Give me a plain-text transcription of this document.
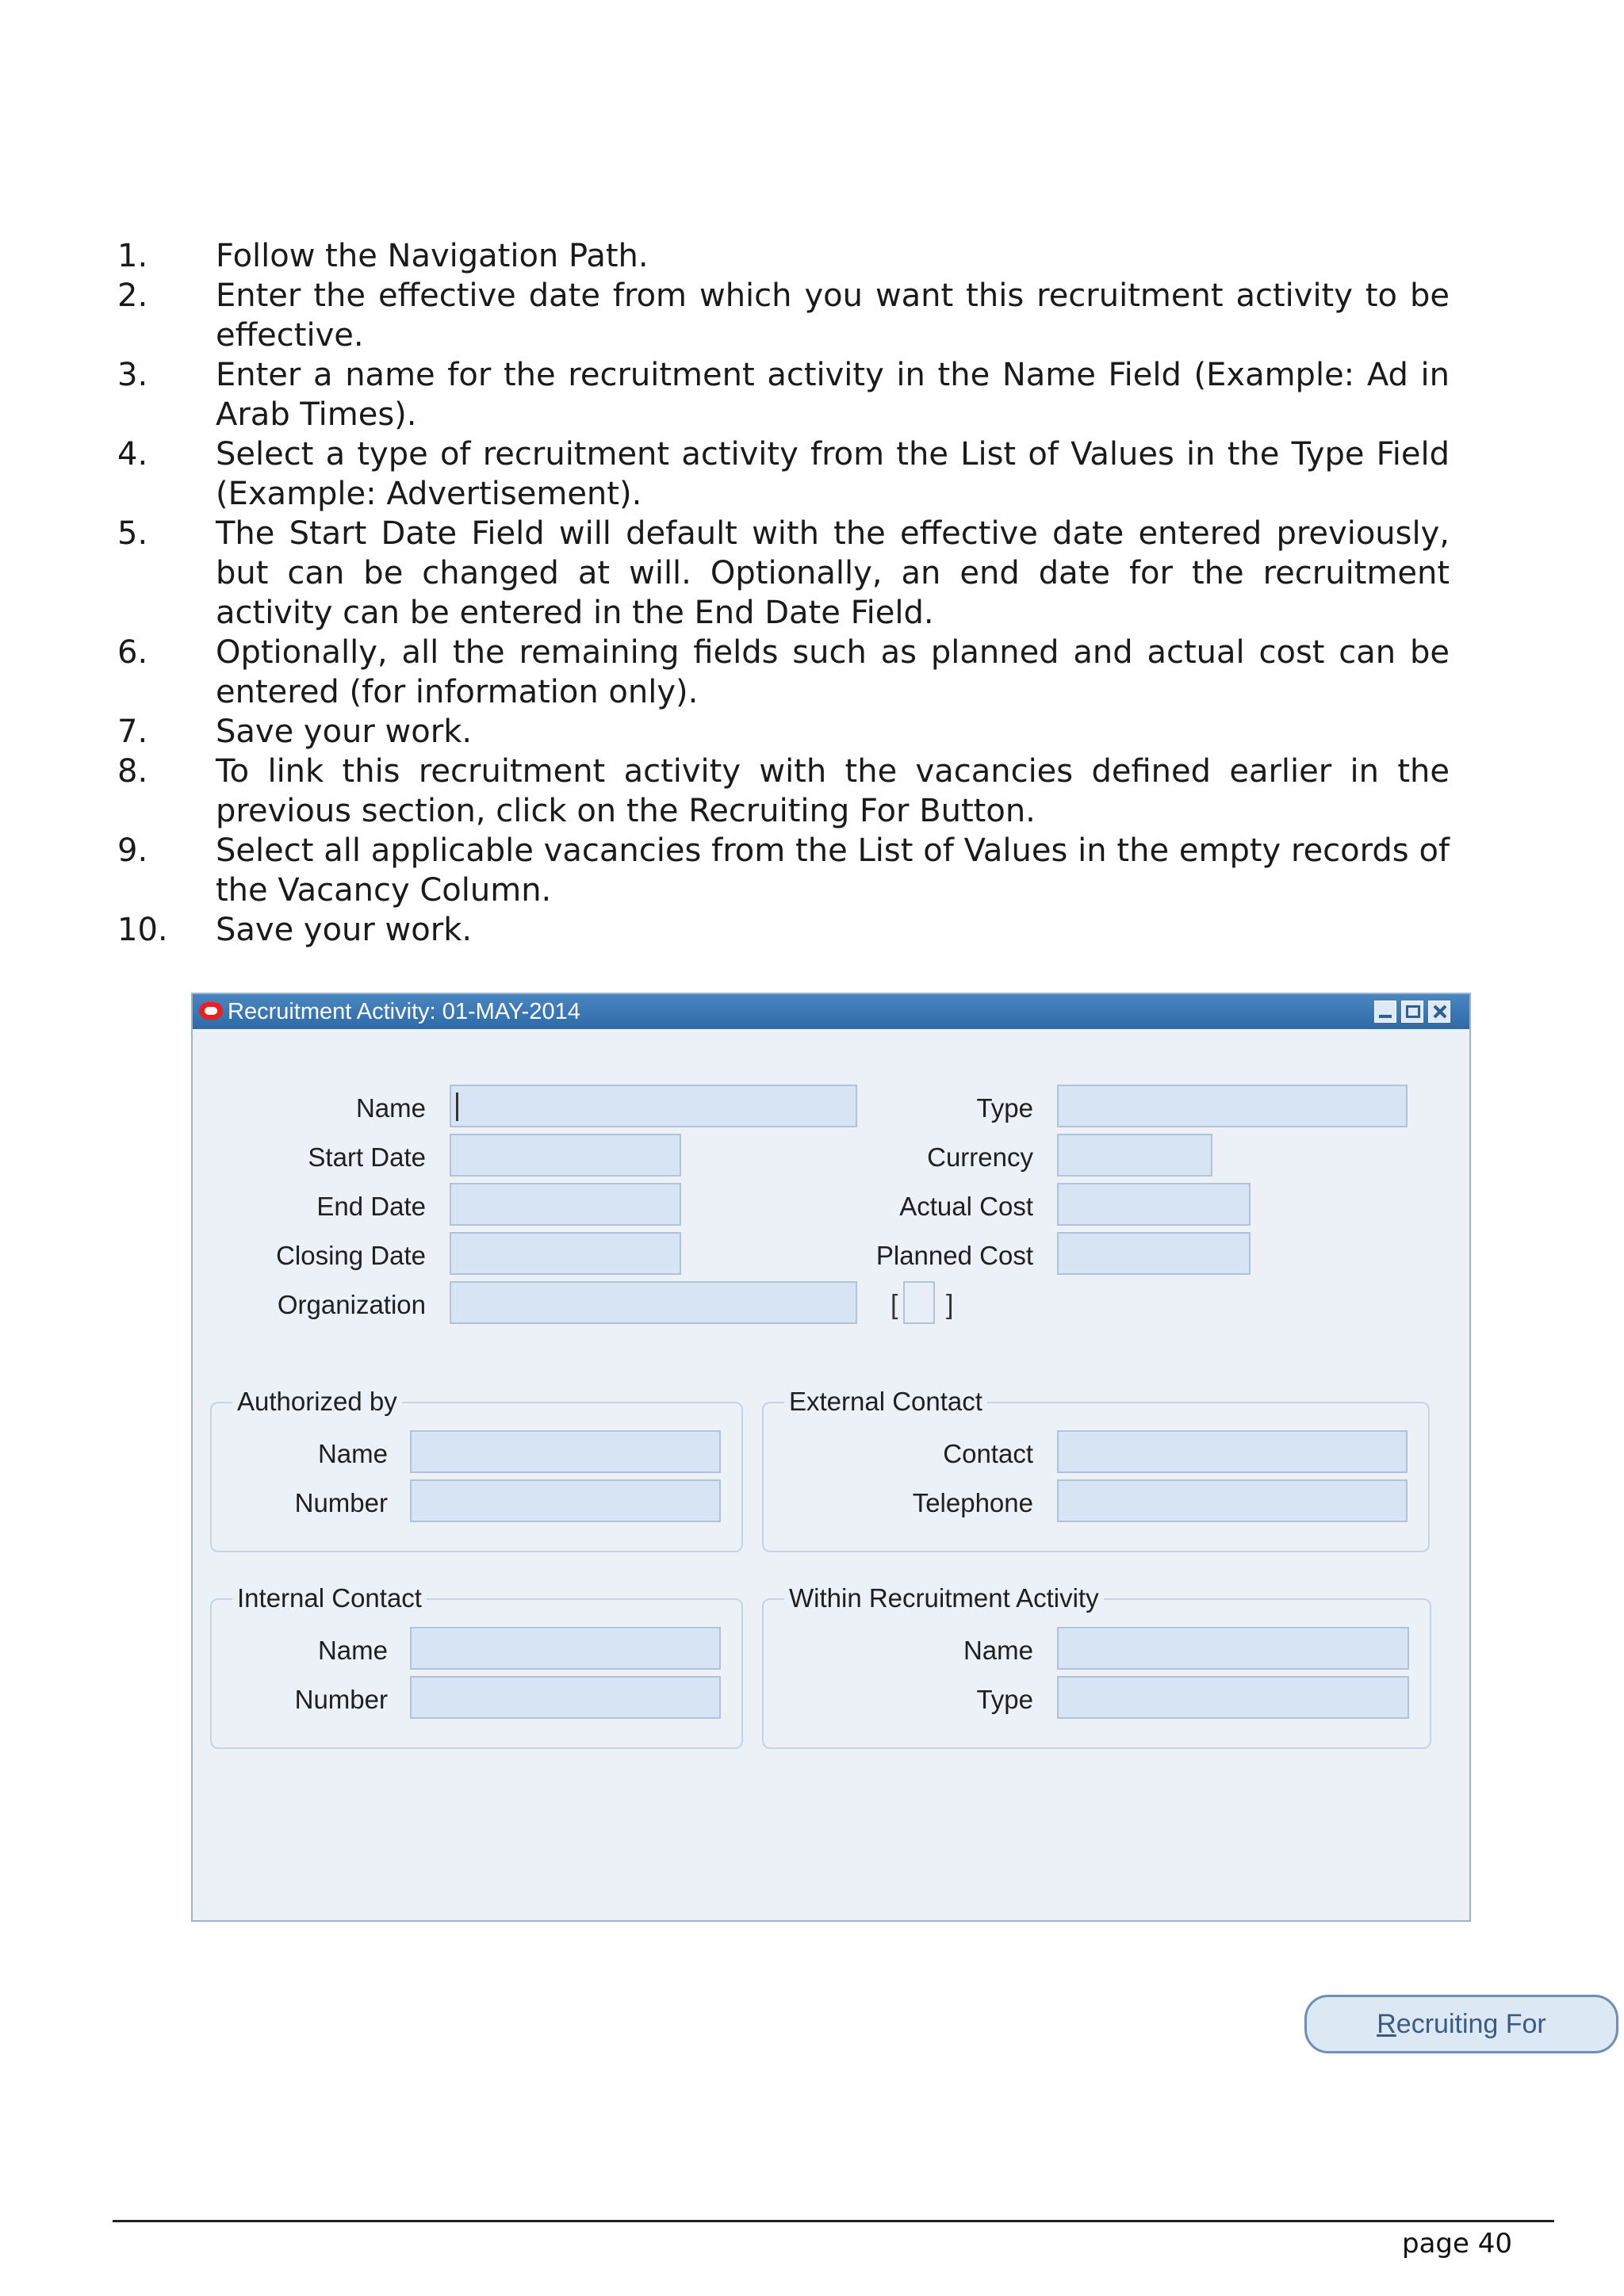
1. Follow the Navigation Path.
2. Enter the effective date from which you want this recruitment activity to be effective.
3. Enter a name for the recruitment activity in the Name Field (Example: Ad in Arab Times).
4. Select a type of recruitment activity from the List of Values in the Type Field (Example: Advertisement).
5. The Start Date Field will default with the effective date entered previously, but can be changed at will. Optionally, an end date for the recruitment activity can be entered in the End Date Field.
6. Optionally, all the remaining fields such as planned and actual cost can be entered (for information only).
7. Save your work.
8. To link this recruitment activity with the vacancies defined earlier in the previous section, click on the Recruiting For Button.
9. Select all applicable vacancies from the List of Values in the empty records of the Vacancy Column.
10. Save your work.
Recruitment Activity: 01-MAY-2014
Name
Start Date
End Date
Closing Date
Organization
Type
Currency
Actual Cost
Planned Cost
[ ]
Authorized by
Name
Number
External Contact
Contact
Telephone
Internal Contact
Name
Number
Within Recruitment Activity
Name
Type
Recruiting For
page 40
